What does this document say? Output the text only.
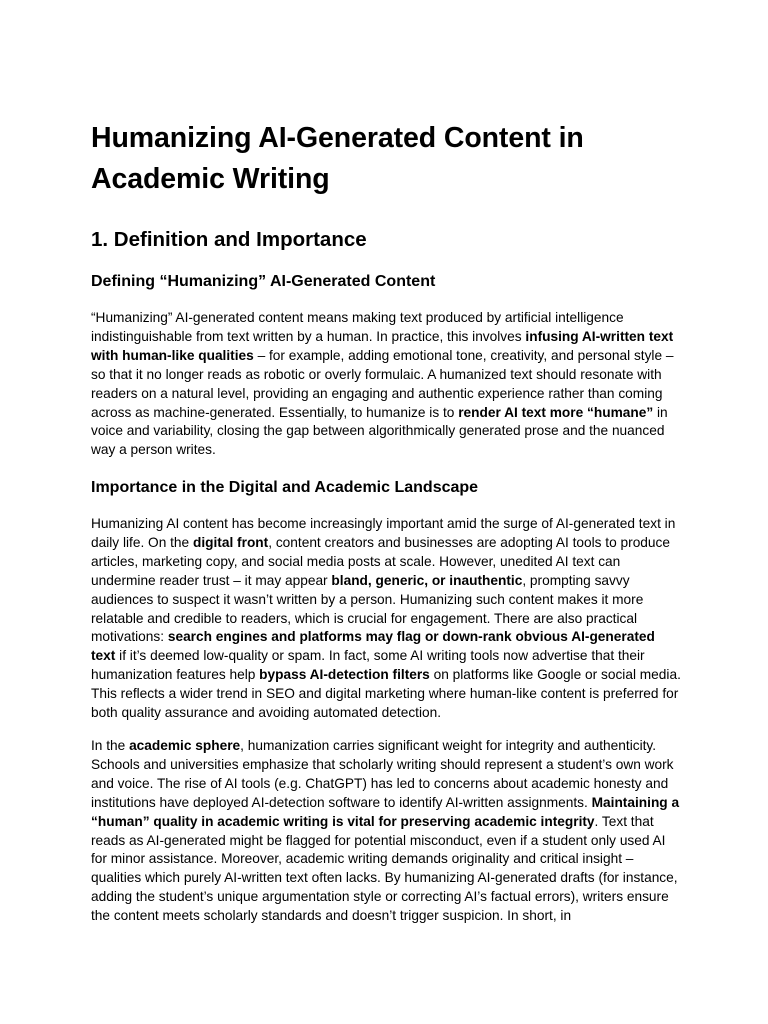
Humanizing AI-Generated Content in Academic Writing
1. Definition and Importance
Defining “Humanizing” AI-Generated Content

“Humanizing” AI-generated content means making text produced by artificial intelligence indistinguishable from text written by a human. In practice, this involves infusing AI-written text with human-like qualities – for example, adding emotional tone, creativity, and personal style – so that it no longer reads as robotic or overly formulaic. A humanized text should resonate with readers on a natural level, providing an engaging and authentic experience rather than coming across as machine-generated. Essentially, to humanize is to render AI text more “humane” in voice and variability, closing the gap between algorithmically generated prose and the nuanced way a person writes.

Importance in the Digital and Academic Landscape

Humanizing AI content has become increasingly important amid the surge of AI-generated text in daily life. On the digital front, content creators and businesses are adopting AI tools to produce articles, marketing copy, and social media posts at scale. However, unedited AI text can undermine reader trust – it may appear bland, generic, or inauthentic, prompting savvy audiences to suspect it wasn’t written by a person. Humanizing such content makes it more relatable and credible to readers, which is crucial for engagement. There are also practical motivations: search engines and platforms may flag or down-rank obvious AI-generated text if it’s deemed low-quality or spam. In fact, some AI writing tools now advertise that their humanization features help bypass AI-detection filters on platforms like Google or social media. This reflects a wider trend in SEO and digital marketing where human-like content is preferred for both quality assurance and avoiding automated detection.

In the academic sphere, humanization carries significant weight for integrity and authenticity. Schools and universities emphasize that scholarly writing should represent a student’s own work and voice. The rise of AI tools (e.g. ChatGPT) has led to concerns about academic honesty and institutions have deployed AI-detection software to identify AI-written assignments. Maintaining a “human” quality in academic writing is vital for preserving academic integrity. Text that reads as AI-generated might be flagged for potential misconduct, even if a student only used AI for minor assistance. Moreover, academic writing demands originality and critical insight – qualities which purely AI-written text often lacks. By humanizing AI-generated drafts (for instance, adding the student’s unique argumentation style or correcting AI’s factual errors), writers ensure the content meets scholarly standards and doesn’t trigger suspicion. In short, in
